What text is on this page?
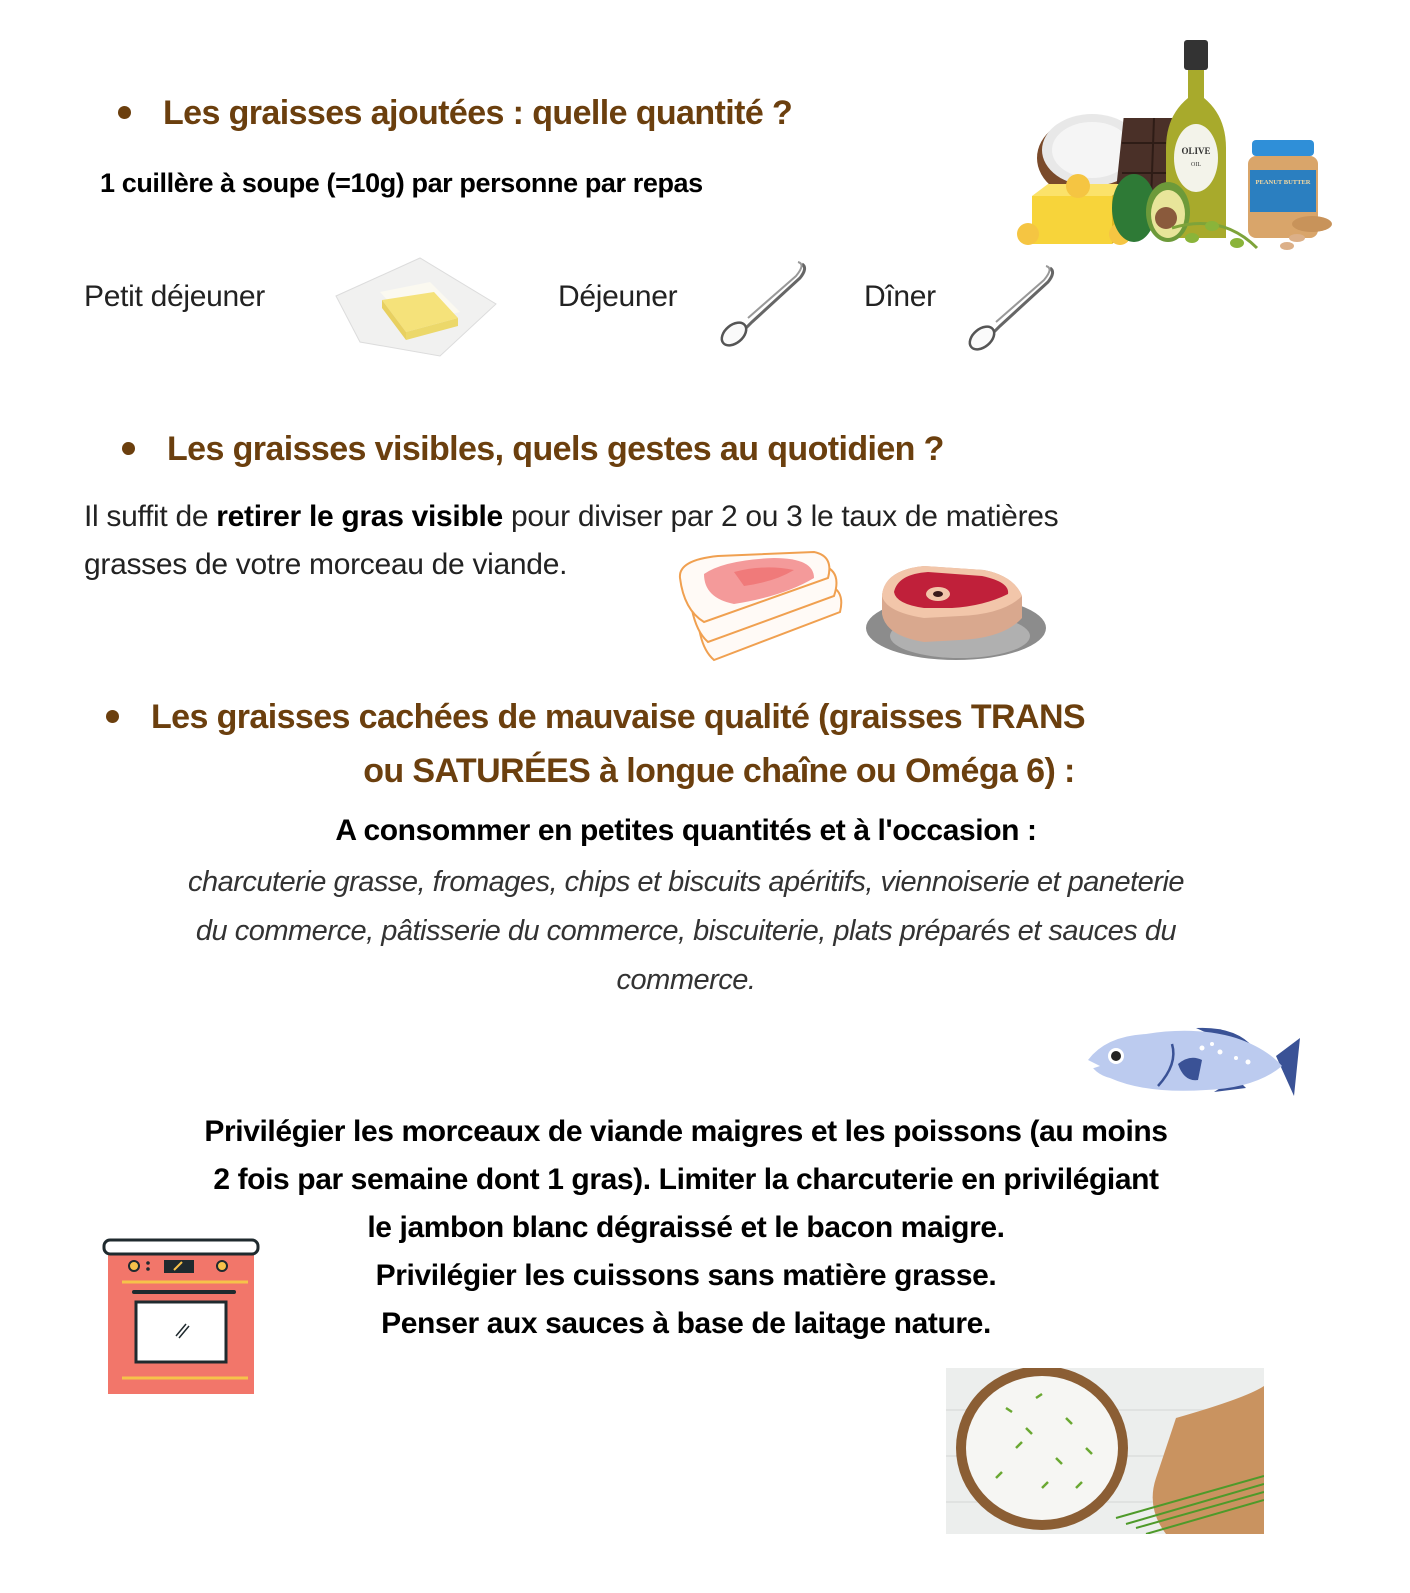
Les graisses ajoutées : quelle quantité ?
1 cuillère à soupe (=10g) par personne par repas
OLIVE
OIL
PEANUT BUTTER
Petit déjeuner	Déjeuner	Dîner
Les graisses visibles, quels gestes au quotidien ?
Il suffit de retirer le gras visible pour diviser par 2 ou 3 le taux de matières
grasses de votre morceau de viande.
Les graisses cachées de mauvaise qualité (graisses TRANS
ou SATURÉES à longue chaîne ou Oméga 6) :
A consommer en petites quantités et à l'occasion :
charcuterie grasse, fromages, chips et biscuits apéritifs, viennoiserie et paneterie
du commerce, pâtisserie du commerce, biscuiterie, plats préparés et sauces du
commerce.
Privilégier les morceaux de viande maigres et les poissons (au moins
2 fois par semaine dont 1 gras). Limiter la charcuterie en privilégiant
le jambon blanc dégraissé et le bacon maigre.
Privilégier les cuissons sans matière grasse.
Penser aux sauces à base de laitage nature.
